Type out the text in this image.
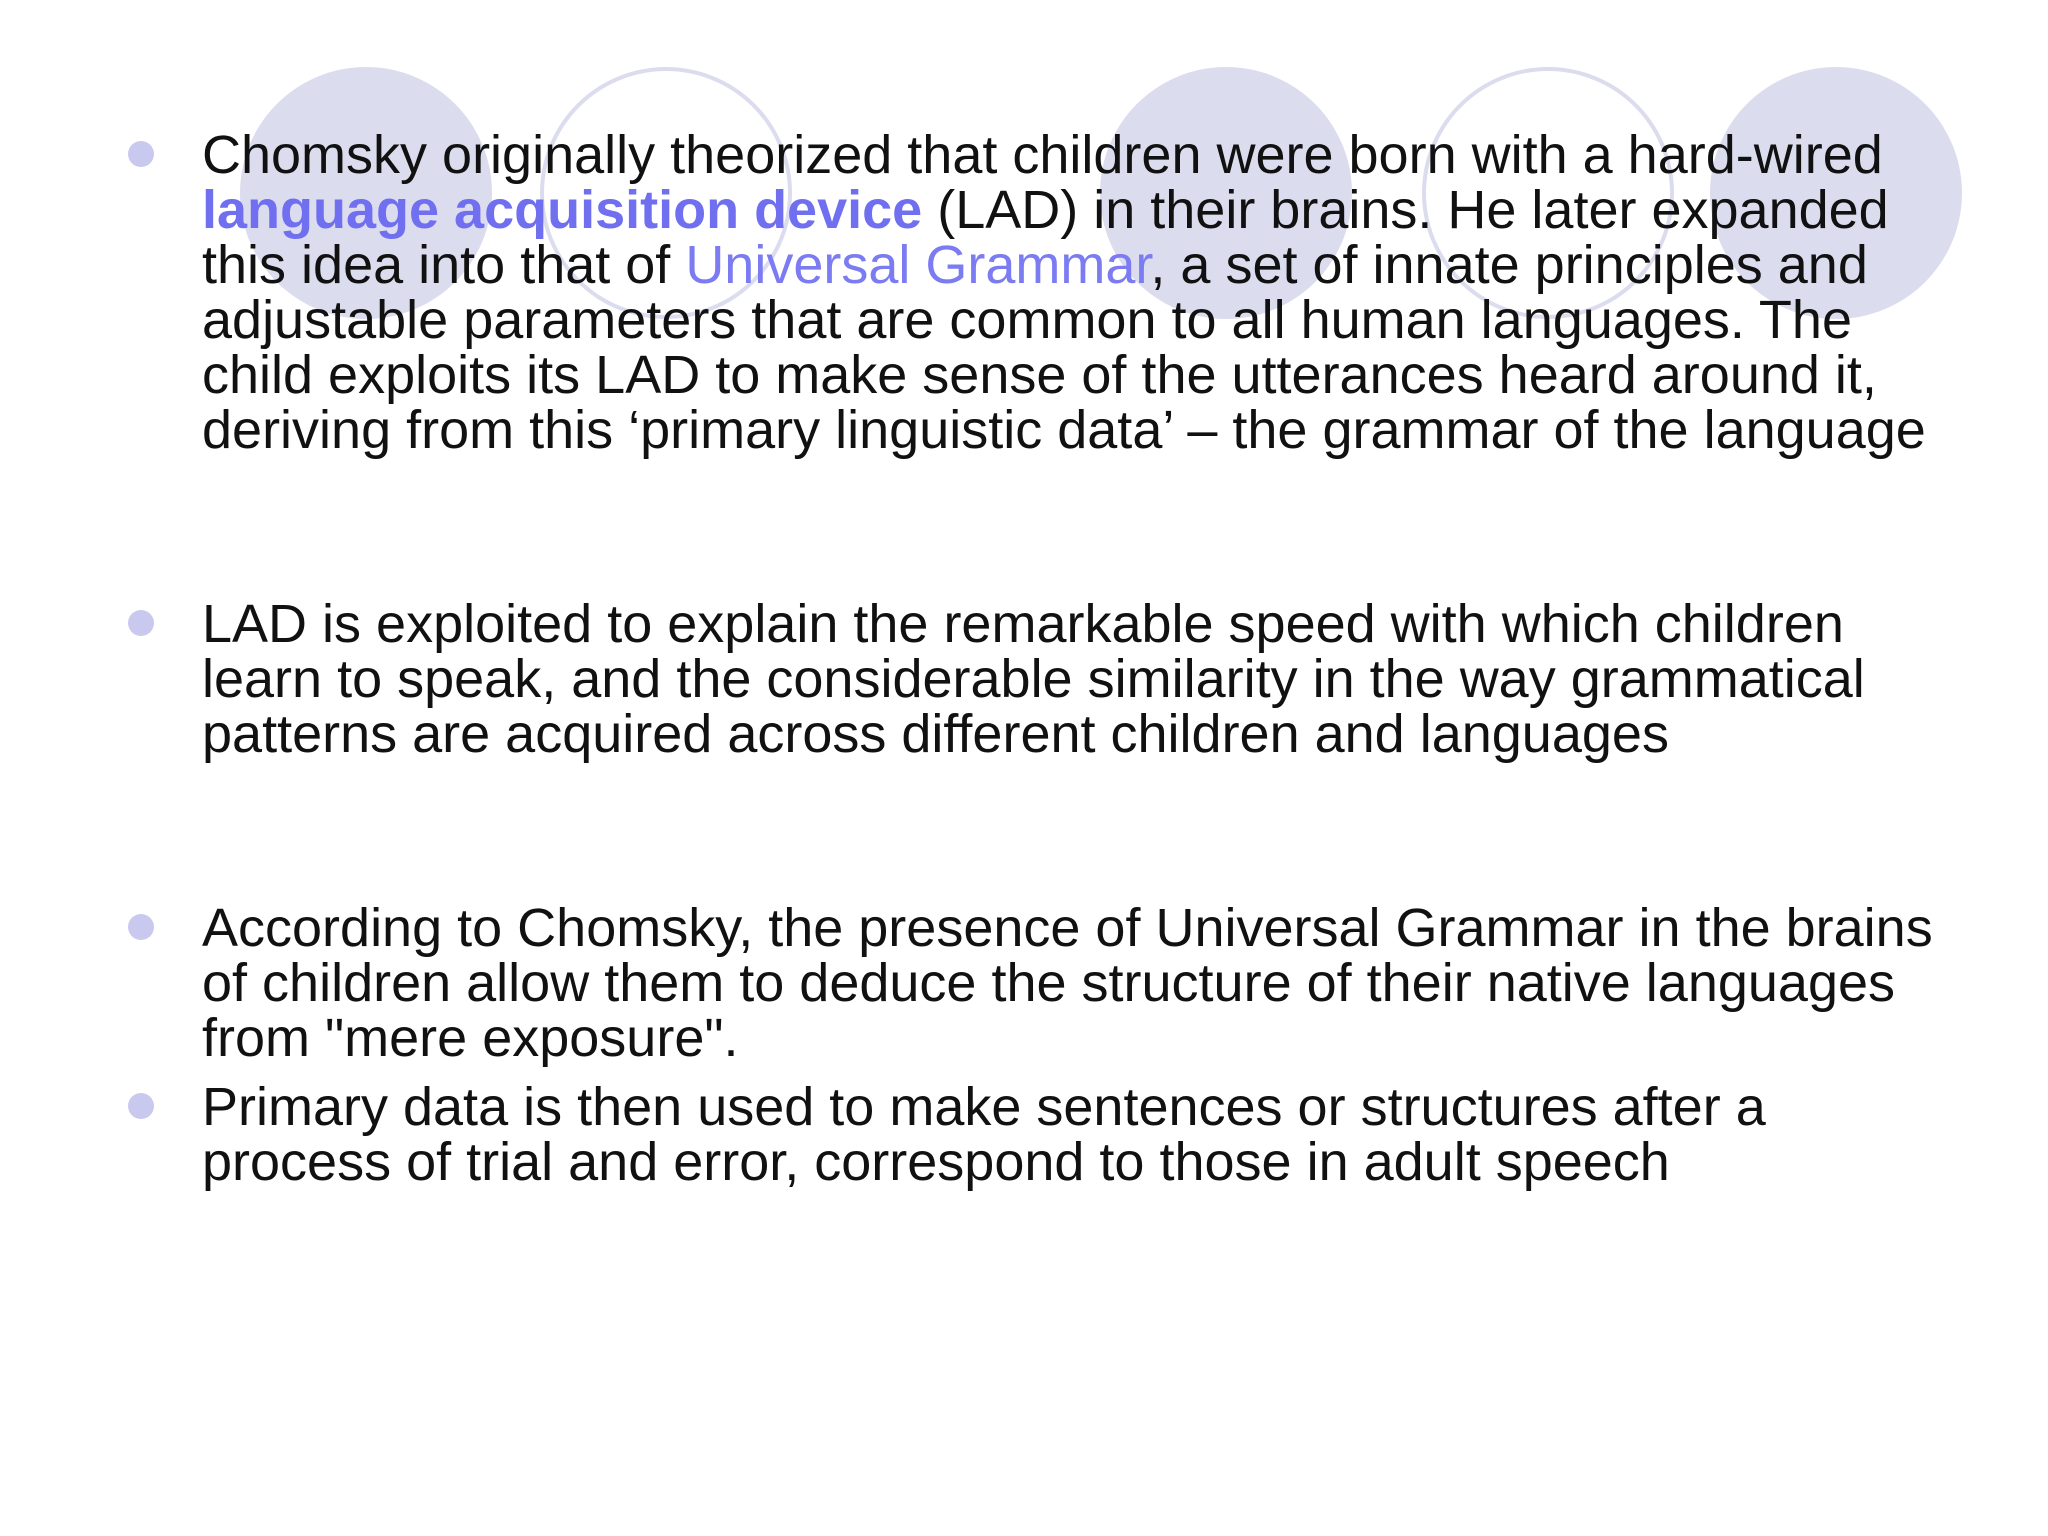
Chomsky originally theorized that children were born with a hard-wired language acquisition device (LAD) in their brains. He later expanded this idea into that of Universal Grammar, a set of innate principles and adjustable parameters that are common to all human languages. The child exploits its LAD to make sense of the utterances heard around it, deriving from this ‘primary linguistic data’ – the grammar of the language

LAD is exploited to explain the remarkable speed with which children learn to speak, and the considerable similarity in the way grammatical patterns are acquired across different children and languages

According to Chomsky, the presence of Universal Grammar in the brains of children allow them to deduce the structure of their native languages from "mere exposure".

Primary data is then used to make sentences or structures after a process of trial and error, correspond to those in adult speech
